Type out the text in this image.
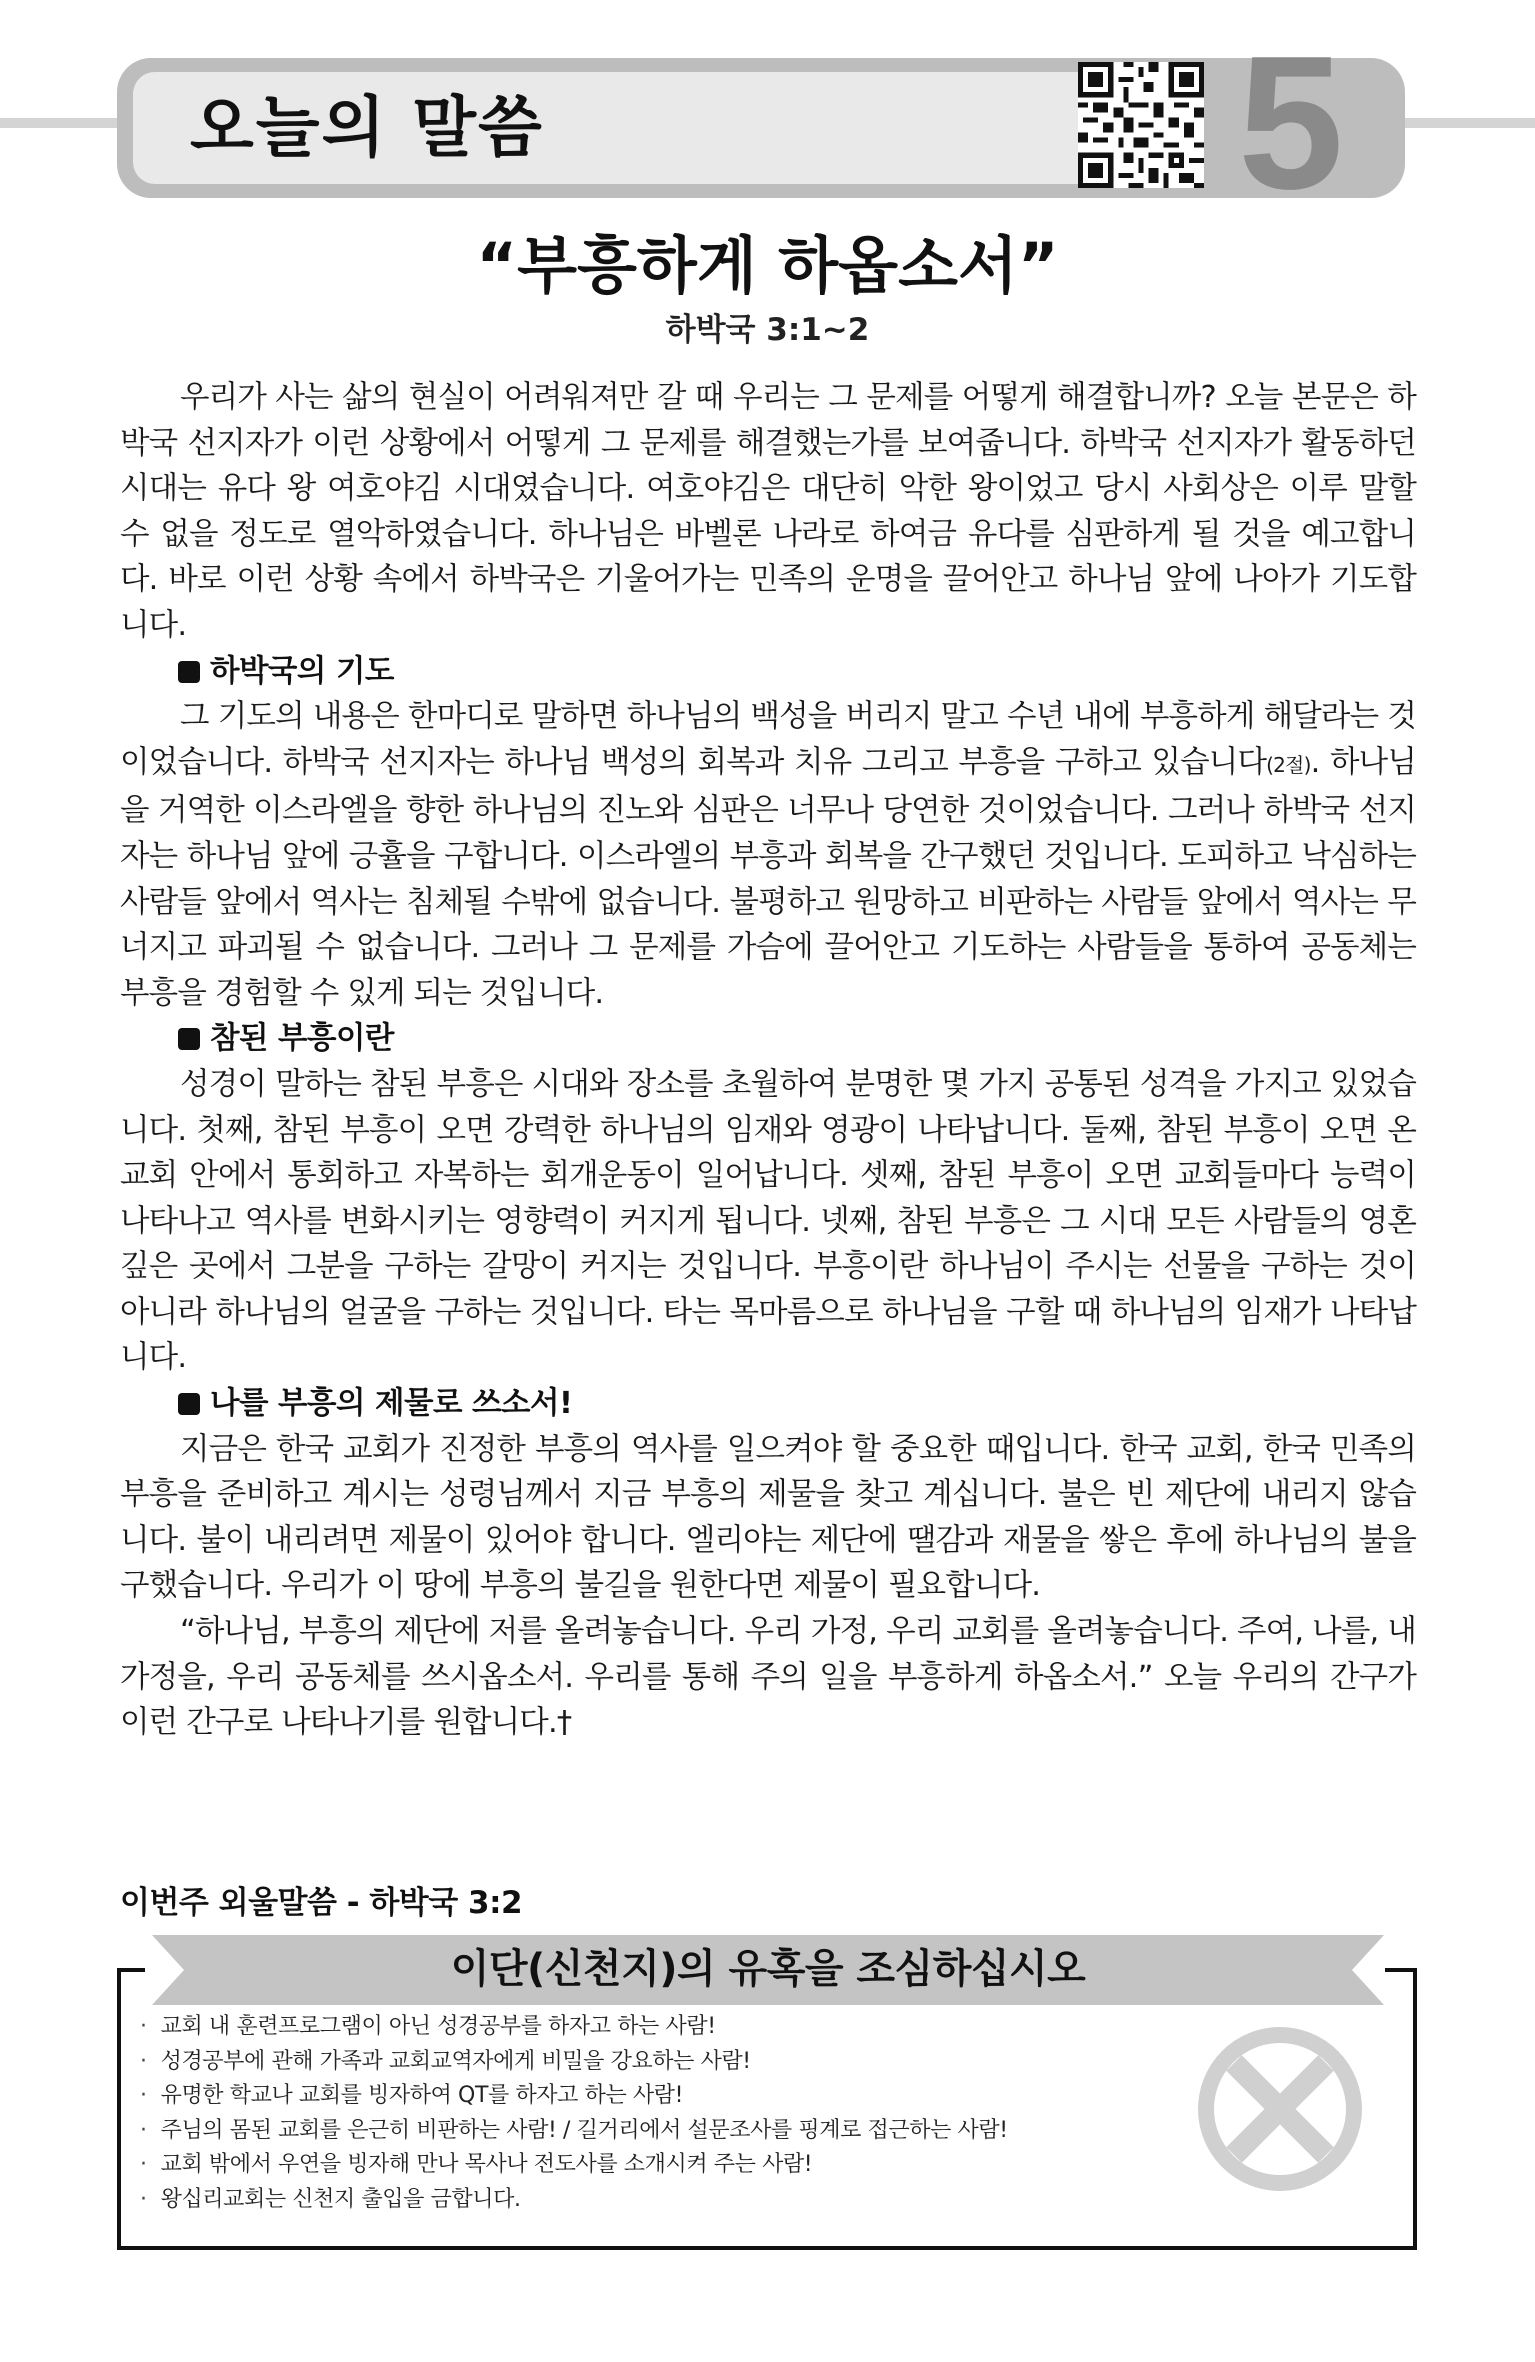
오늘의 말씀	5
“부흥하게 하옵소서”
하박국 3:1~2

우리가 사는 삶의 현실이 어려워져만 갈 때 우리는 그 문제를 어떻게 해결합니까? 오늘 본문은 하박국 선지자가 이런 상황에서 어떻게 그 문제를 해결했는가를 보여줍니다. 하박국 선지자가 활동하던 시대는 유다 왕 여호야김 시대였습니다. 여호야김은 대단히 악한 왕이었고 당시 사회상은 이루 말할 수 없을 정도로 열악하였습니다. 하나님은 바벨론 나라로 하여금 유다를 심판하게 될 것을 예고합니다. 바로 이런 상황 속에서 하박국은 기울어가는 민족의 운명을 끌어안고 하나님 앞에 나아가 기도합니다.

하박국의 기도

그 기도의 내용은 한마디로 말하면 하나님의 백성을 버리지 말고 수년 내에 부흥하게 해달라는 것이었습니다. 하박국 선지자는 하나님 백성의 회복과 치유 그리고 부흥을 구하고 있습니다(2절). 하나님을 거역한 이스라엘을 향한 하나님의 진노와 심판은 너무나 당연한 것이었습니다. 그러나 하박국 선지자는 하나님 앞에 긍휼을 구합니다. 이스라엘의 부흥과 회복을 간구했던 것입니다. 도피하고 낙심하는 사람들 앞에서 역사는 침체될 수밖에 없습니다. 불평하고 원망하고 비판하는 사람들 앞에서 역사는 무너지고 파괴될 수 없습니다. 그러나 그 문제를 가슴에 끌어안고 기도하는 사람들을 통하여 공동체는 부흥을 경험할 수 있게 되는 것입니다.

참된 부흥이란

성경이 말하는 참된 부흥은 시대와 장소를 초월하여 분명한 몇 가지 공통된 성격을 가지고 있었습니다. 첫째, 참된 부흥이 오면 강력한 하나님의 임재와 영광이 나타납니다. 둘째, 참된 부흥이 오면 온 교회 안에서 통회하고 자복하는 회개운동이 일어납니다. 셋째, 참된 부흥이 오면 교회들마다 능력이 나타나고 역사를 변화시키는 영향력이 커지게 됩니다. 넷째, 참된 부흥은 그 시대 모든 사람들의 영혼 깊은 곳에서 그분을 구하는 갈망이 커지는 것입니다. 부흥이란 하나님이 주시는 선물을 구하는 것이 아니라 하나님의 얼굴을 구하는 것입니다. 타는 목마름으로 하나님을 구할 때 하나님의 임재가 나타납니다.

나를 부흥의 제물로 쓰소서!

지금은 한국 교회가 진정한 부흥의 역사를 일으켜야 할 중요한 때입니다. 한국 교회, 한국 민족의 부흥을 준비하고 계시는 성령님께서 지금 부흥의 제물을 찾고 계십니다. 불은 빈 제단에 내리지 않습니다. 불이 내리려면 제물이 있어야 합니다. 엘리야는 제단에 땔감과 재물을 쌓은 후에 하나님의 불을 구했습니다. 우리가 이 땅에 부흥의 불길을 원한다면 제물이 필요합니다.

“하나님, 부흥의 제단에 저를 올려놓습니다. 우리 가정, 우리 교회를 올려놓습니다. 주여, 나를, 내 가정을, 우리 공동체를 쓰시옵소서. 우리를 통해 주의 일을 부흥하게 하옵소서.” 오늘 우리의 간구가 이런 간구로 나타나기를 원합니다.†

이번주 외울말씀 - 하박국 3:2
이단(신천지)의 유혹을 조심하십시오
· 교회 내 훈련프로그램이 아닌 성경공부를 하자고 하는 사람!
· 성경공부에 관해 가족과 교회교역자에게 비밀을 강요하는 사람!
· 유명한 학교나 교회를 빙자하여 QT를 하자고 하는 사람!
· 주님의 몸된 교회를 은근히 비판하는 사람! / 길거리에서 설문조사를 핑계로 접근하는 사람!
· 교회 밖에서 우연을 빙자해 만나 목사나 전도사를 소개시켜 주는 사람!
· 왕십리교회는 신천지 출입을 금합니다.
